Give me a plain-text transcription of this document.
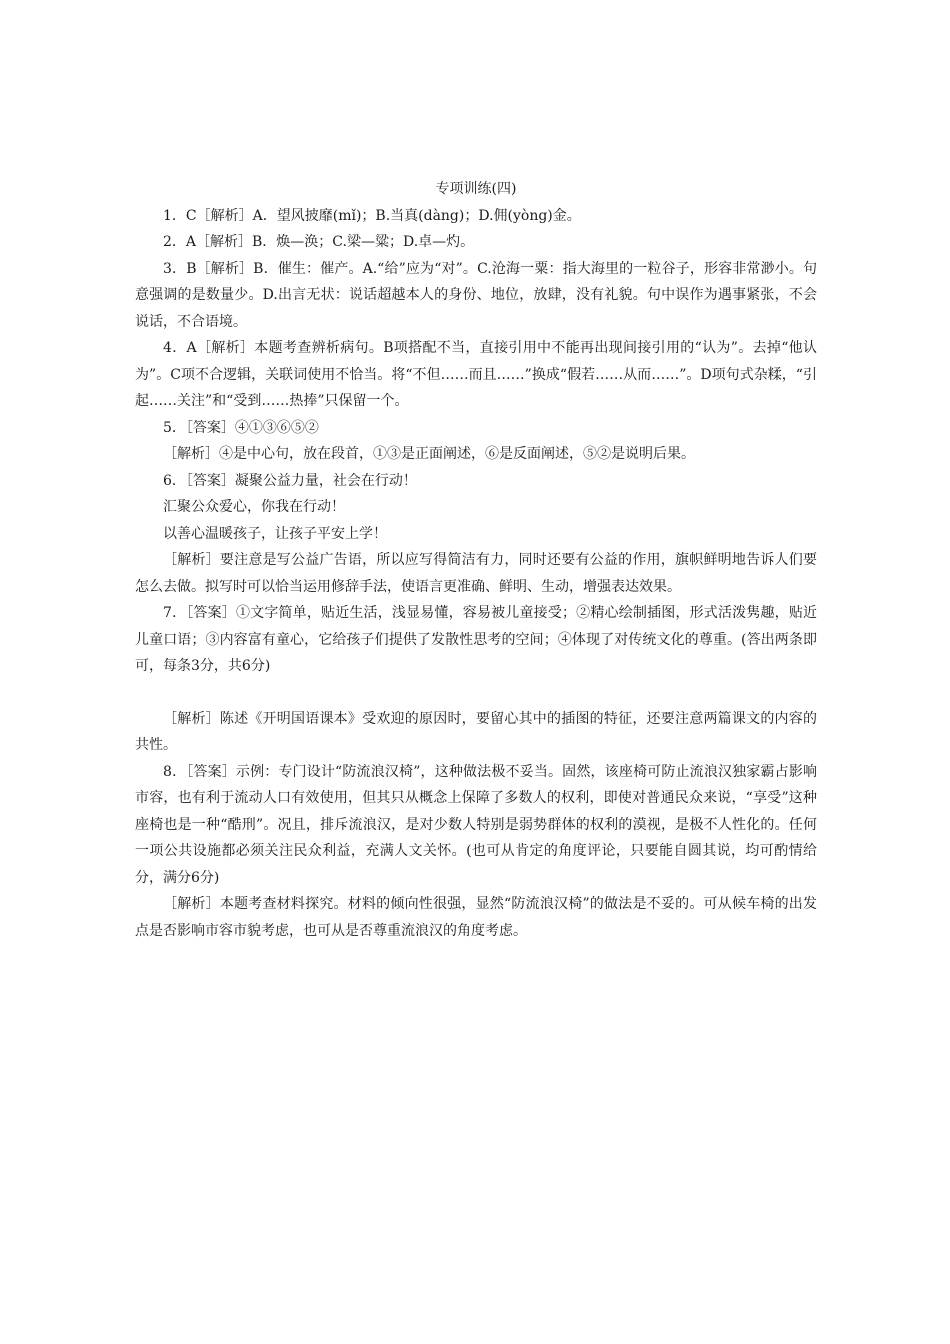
专项训练(四)

1．C［解析］A．望风披靡(mǐ)；B.当真(dàng)；D.佣(yòng)金。

2．A［解析］B．焕—涣；C.梁—粱；D.卓—灼。

3．B［解析］B．催生：催产。A.“给”应为“对”。C.沧海一粟：指大海里的一粒谷子，形容非常渺小。句意强调的是数量少。D.出言无状：说话超越本人的身份、地位，放肆，没有礼貌。句中误作为遇事紧张，不会说话，不合语境。

4．A［解析］本题考查辨析病句。B项搭配不当，直接引用中不能再出现间接引用的“认为”。去掉“他认为”。C项不合逻辑，关联词使用不恰当。将“不但……而且……”换成“假若……从而……”。D项句式杂糅，“引起……关注”和“受到……热捧”只保留一个。

5．［答案］④①③⑥⑤②

［解析］④是中心句，放在段首，①③是正面阐述，⑥是反面阐述，⑤②是说明后果。

6．［答案］凝聚公益力量，社会在行动！

汇聚公众爱心，你我在行动！

以善心温暖孩子，让孩子平安上学！

［解析］要注意是写公益广告语，所以应写得简洁有力，同时还要有公益的作用，旗帜鲜明地告诉人们要怎么去做。拟写时可以恰当运用修辞手法，使语言更准确、鲜明、生动，增强表达效果。

7．［答案］①文字简单，贴近生活，浅显易懂，容易被儿童接受；②精心绘制插图，形式活泼隽趣，贴近儿童口语；③内容富有童心，它给孩子们提供了发散性思考的空间；④体现了对传统文化的尊重。(答出两条即可，每条3分，共6分)

［解析］陈述《开明国语课本》受欢迎的原因时，要留心其中的插图的特征，还要注意两篇课文的内容的共性。

8．［答案］示例：专门设计“防流浪汉椅”，这种做法极不妥当。固然，该座椅可防止流浪汉独家霸占影响市容，也有利于流动人口有效使用，但其只从概念上保障了多数人的权利，即使对普通民众来说，“享受”这种座椅也是一种“酷刑”。况且，排斥流浪汉，是对少数人特别是弱势群体的权利的漠视，是极不人性化的。任何一项公共设施都必须关注民众利益，充满人文关怀。(也可从肯定的角度评论，只要能自圆其说，均可酌情给分，满分6分)

［解析］本题考查材料探究。材料的倾向性很强，显然“防流浪汉椅”的做法是不妥的。可从候车椅的出发点是否影响市容市貌考虑，也可从是否尊重流浪汉的角度考虑。
